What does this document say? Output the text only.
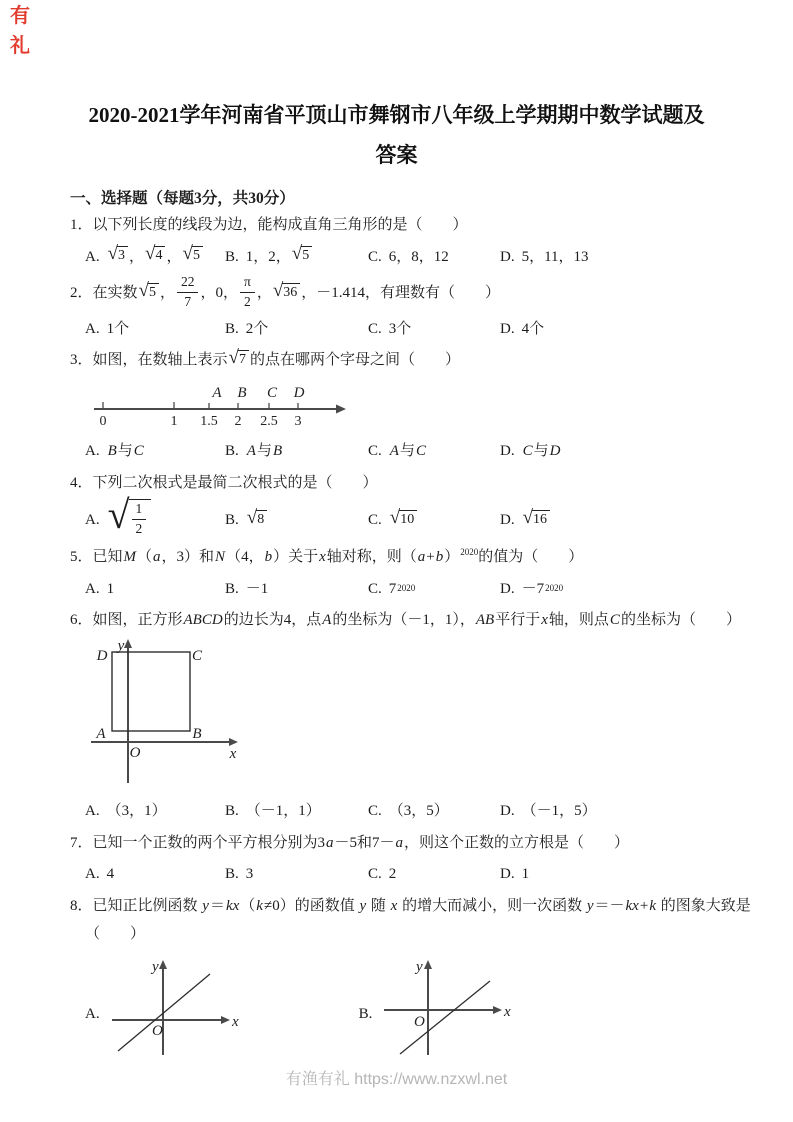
有
礼
2020-2021学年河南省平顶山市舞钢市八年级上学期期中数学试题及
答案
一、选择题（每题3分，共30分）
1．以下列长度的线段为边，能构成直角三角形的是（　　）
A. √ 3 ， √ 4 ， √ 5 B. 1，2， √ 5	C. 6，8，12	D. 5，11，13
2．在实数 √ 5 ， $\frac{22}{7}$ ，0， $\frac{\pi}{2}$ ， √ 36 ，－1.414，有理数有（　　）
A. 1个	B. 2个	C. 3个	D. 4个
3．如图，在数轴上表示 √ 7 的点在哪两个字母之间（　　）
0	1 1.5 2 2.5 3
A B C D
A. B 与 C	B. A 与 B	C. A 与 C	D. C 与 D
4．下列二次根式是最简二次根式的是（　　）
A. √ $\frac{1}{2}$	B. √ 8	C. √ 10	D. √ 16
5．已知M（a，3）和N（4，b）关于x轴对称，则$(a+b)^{2020}$的值为（　　）
A. 1	B. －1	C. 7 2020	D. －7 2020
6．如图，正方形ABCD的边长为4，点A的坐标为（－1，1），AB平行于x轴，则点C的坐标为（　　）
D	C
A	B
O
y
x
A. （3，1）	B. （－1，1）	C. （3，5）	D. （－1，5）
7．已知一个正数的两个平方根分别为3a－5和7－a，则这个正数的立方根是（　　）
A. 4	B. 3	C. 2	D. 1
8．已知正比例函数 y＝kx（k≠0）的函数值 y 随 x 的增大而减小，则一次函数 y＝－kx+k 的图象大致是
（　　）
A.
O
y
x	B.	O
y
x
有渔有礼 https://www.nzxwl.net
